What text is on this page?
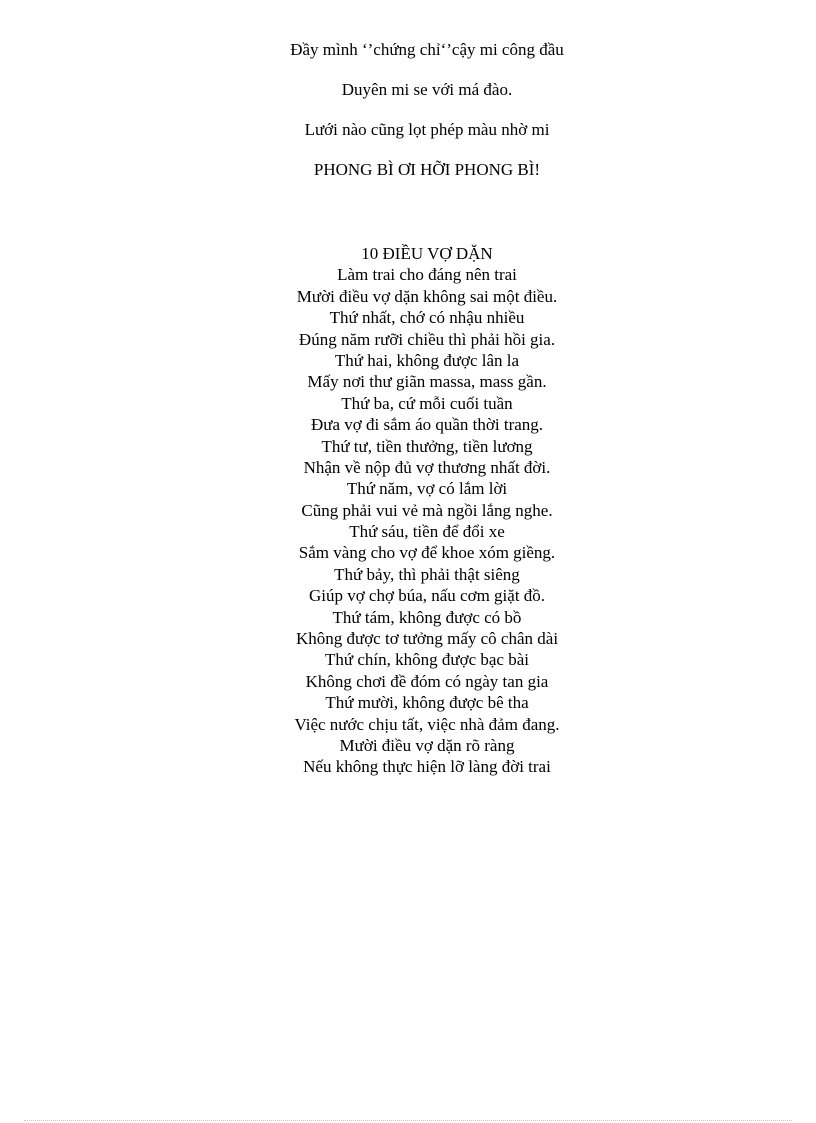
Đầy mình ‘’chứng chỉ‘’cậy mi công đầu
Duyên mi se với má đào.
Lưới nào cũng lọt phép màu nhờ mi
PHONG BÌ ƠI HỠI PHONG BÌ!
10 ĐIỀU VỢ DẶN
Làm trai cho đáng nên trai
Mười điều vợ dặn không sai một điều.
Thứ nhất, chớ có nhậu nhiều
Đúng năm rưỡi chiều thì phải hồi gia.
Thứ hai, không được lân la
Mấy nơi thư giãn massa, mass gần.
Thứ ba, cứ mỗi cuối tuần
Đưa vợ đi sắm áo quần thời trang.
Thứ tư, tiền thưởng, tiền lương
Nhận về nộp đủ vợ thương nhất đời.
Thứ năm, vợ có lắm lời
Cũng phải vui vẻ mà ngồi lắng nghe.
Thứ sáu, tiền để đổi xe
Sắm vàng cho vợ để khoe xóm giềng.
Thứ bảy, thì phải thật siêng
Giúp vợ chợ búa, nấu cơm giặt đồ.
Thứ tám, không được có bồ
Không được tơ tưởng mấy cô chân dài
Thứ chín, không được bạc bài
Không chơi đề đóm có ngày tan gia
Thứ mười, không được bê tha
Việc nước chịu tất, việc nhà đảm đang.
Mười điều vợ dặn rõ ràng
Nếu không thực hiện lỡ làng đời trai
